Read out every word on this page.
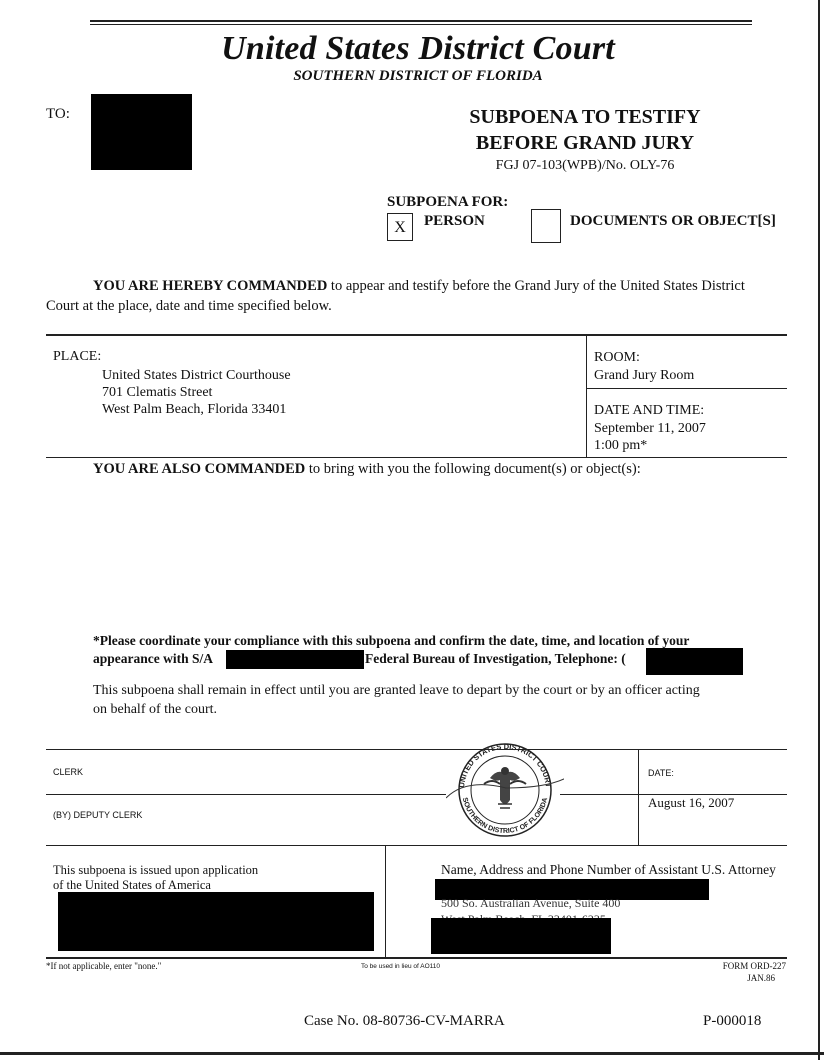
United States District Court
SOUTHERN DISTRICT OF FLORIDA
TO:	SUBPOENA TO TESTIFY
BEFORE GRAND JURY
FGJ 07-103(WPB)/No. OLY-76
SUBPOENA FOR:
X	PERSON	DOCUMENTS OR OBJECT[S]
YOU ARE HEREBY COMMANDED to appear and testify before the Grand Jury of the United States District
Court at the place, date and time specified below.
PLACE:
United States District Courthouse
701 Clematis Street
West Palm Beach, Florida 33401
ROOM:
Grand Jury Room
DATE AND TIME:
September 11, 2007
1:00 pm*
YOU ARE ALSO COMMANDED to bring with you the following document(s) or object(s):
*Please coordinate your compliance with this subpoena and confirm the date, time, and location of your
appearance with S/A	Federal Bureau of Investigation, Telephone: (
This subpoena shall remain in effect until you are granted leave to depart by the court or by an officer acting
on behalf of the court.
CLERK
(BY) DEPUTY CLERK
DATE:
August 16, 2007
UNITED STATES DISTRICT COURT
SOUTHERN DISTRICT OF FLORIDA
This subpoena is issued upon application
of the United States of America
Name, Address and Phone Number of Assistant U.S. Attorney
500 So. Australian Avenue, Suite 400
*If not applicable, enter "none."	To be used in lieu of AO110	FORM ORD-227
JAN.86
Case No. 08-80736-CV-MARRA	P-000018
